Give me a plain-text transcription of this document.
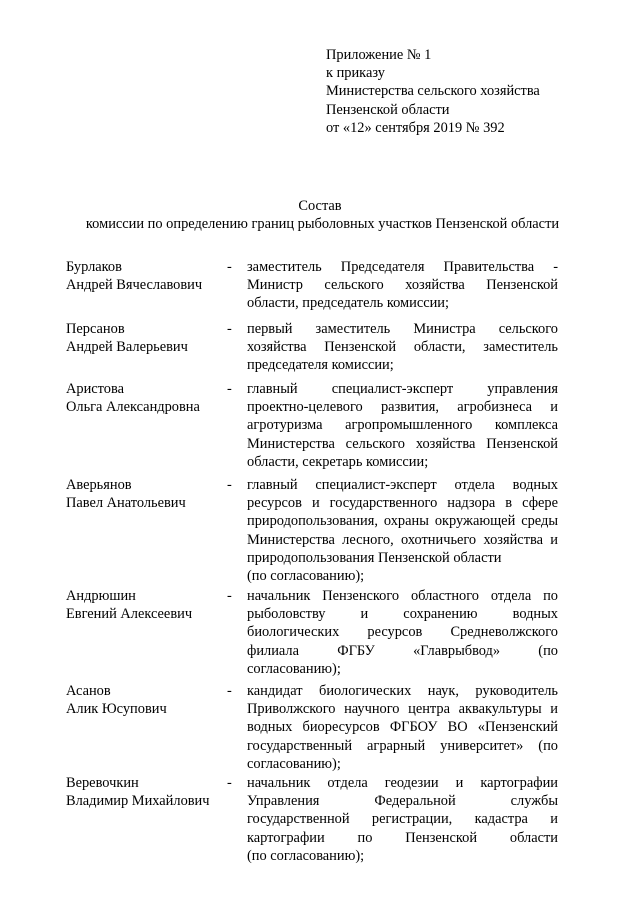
Приложение № 1
к приказу
Министерства сельского хозяйства
Пензенской области
от «12» сентября 2019 № 392
Состав
комиссии по определению границ рыболовных участков Пензенской области
Бурлаков
Андрей Вячеславович
-	заместитель Председателя Правительства -
Министр сельского хозяйства Пензенской
области, председатель комиссии;
Персанов
Андрей Валерьевич
-	первый заместитель Министра сельского
хозяйства Пензенской области, заместитель
председателя комиссии;
Аристова
Ольга Александровна
-	главный специалист-эксперт управления
проектно-целевого развития, агробизнеса и
агротуризма агропромышленного комплекса
Министерства сельского хозяйства Пензенской
области, секретарь комиссии;
Аверьянов
Павел Анатольевич
-	главный специалист-эксперт отдела водных
ресурсов и государственного надзора в сфере
природопользования, охраны окружающей среды
Министерства лесного, охотничьего хозяйства и
природопользования Пензенской области
(по согласованию);
Андрюшин
Евгений Алексеевич
-	начальник Пензенского областного отдела по
рыболовству и сохранению водных
биологических ресурсов Средневолжского
филиала ФГБУ «Главрыбвод» (по
согласованию);
Асанов
Алик Юсупович
-	кандидат биологических наук, руководитель
Приволжского научного центра аквакультуры и
водных биоресурсов ФГБОУ ВО «Пензенский
государственный аграрный университет» (по
согласованию);
Веревочкин
Владимир Михайлович
-	начальник отдела геодезии и картографии
Управления Федеральной службы
государственной регистрации, кадастра и
картографии по Пензенской области
(по согласованию);
